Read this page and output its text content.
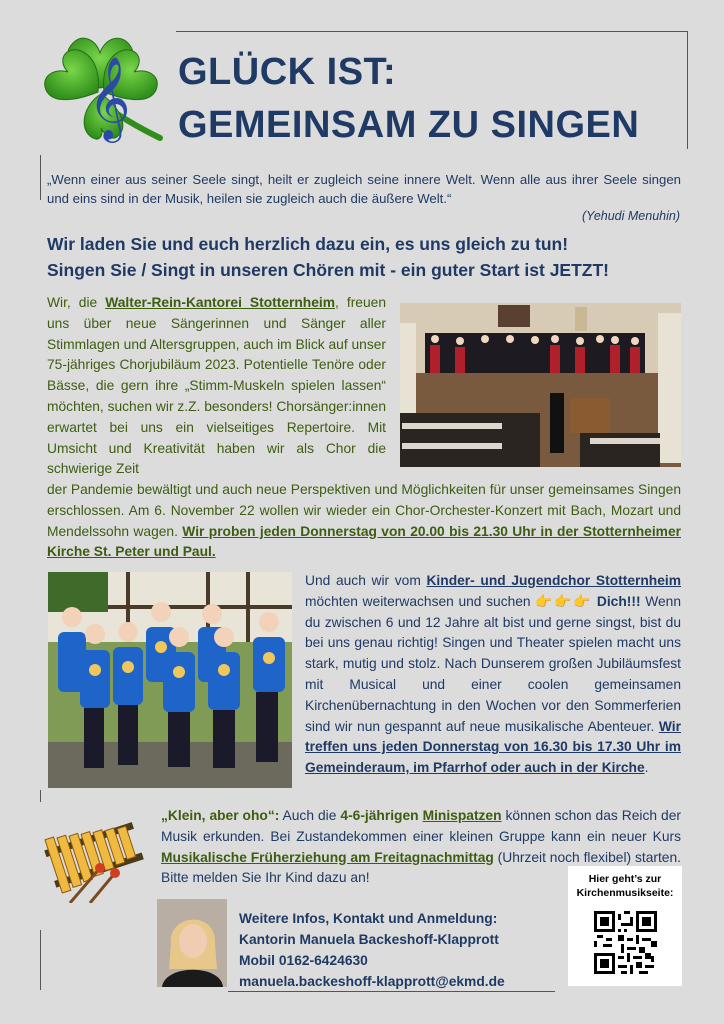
𝄞 GLÜCK IST:
GEMEINSAM ZU SINGEN
„Wenn einer aus seiner Seele singt, heilt er zugleich seine innere Welt. Wenn alle aus ihrer Seele singen und eins sind in der Musik, heilen sie zugleich auch die äußere Welt.“
(Yehudi Menuhin)
Wir laden Sie und euch herzlich dazu ein, es uns gleich zu tun!
Singen Sie / Singt in unseren Chören mit - ein guter Start ist JETZT!
Wir, die Walter-Rein-Kantorei Stotternheim, freuen uns über neue Sängerinnen und Sänger aller Stimmlagen und Altersgruppen, auch im Blick auf unser 75-jähriges Chorjubiläum 2023. Potentielle Tenöre oder Bässe, die gern ihre „Stimm-Muskeln spielen lassen“ möchten, suchen wir z.Z. besonders! Chorsänger:innen erwartet bei uns ein vielseitiges Repertoire. Mit Umsicht und Kreativität haben wir als Chor die schwierige Zeit
der Pandemie bewältigt und auch neue Perspektiven und Möglichkeiten für unser gemeinsames Singen erschlossen. Am 6. November 22 wollen wir wieder ein Chor-Orchester-Konzert mit Bach, Mozart und Mendelssohn wagen. Wir proben jeden Donnerstag von 20.00 bis 21.30 Uhr in der Stotternheimer Kirche St. Peter und Paul.
Und auch wir vom Kinder- und Jugendchor Stotternheim möchten weiterwachsen und suchen 👉👉👉 Dich!!! Wenn du zwischen 6 und 12 Jahre alt bist und gerne singst, bist du bei uns genau richtig! Singen und Theater spielen macht uns stark, mutig und stolz. Nach Dunserem großen Jubiläumsfest mit Musical und einer coolen gemeinsamen Kirchenübernachtung in den Wochen vor den Sommerferien sind wir nun gespannt auf neue musikalische Abenteuer. Wir treffen uns jeden Donnerstag von 16.30 bis 17.30 Uhr im Gemeinderaum, im Pfarrhof oder auch in der Kirche.
„Klein, aber oho“: Auch die 4-6-jährigen Minispatzen können schon das Reich der Musik erkunden. Bei Zustandekommen einer kleinen Gruppe kann ein neuer Kurs Musikalische Früherziehung am Freitagnachmittag (Uhrzeit noch flexibel) starten. Bitte melden Sie Ihr Kind dazu an!
Weitere Infos, Kontakt und Anmeldung:
Kantorin Manuela Backeshoff-Klapprott
Mobil 0162-6424630
manuela.backeshoff-klapprott@ekmd.de
Hier geht’s zur Kirchenmusikseite:
